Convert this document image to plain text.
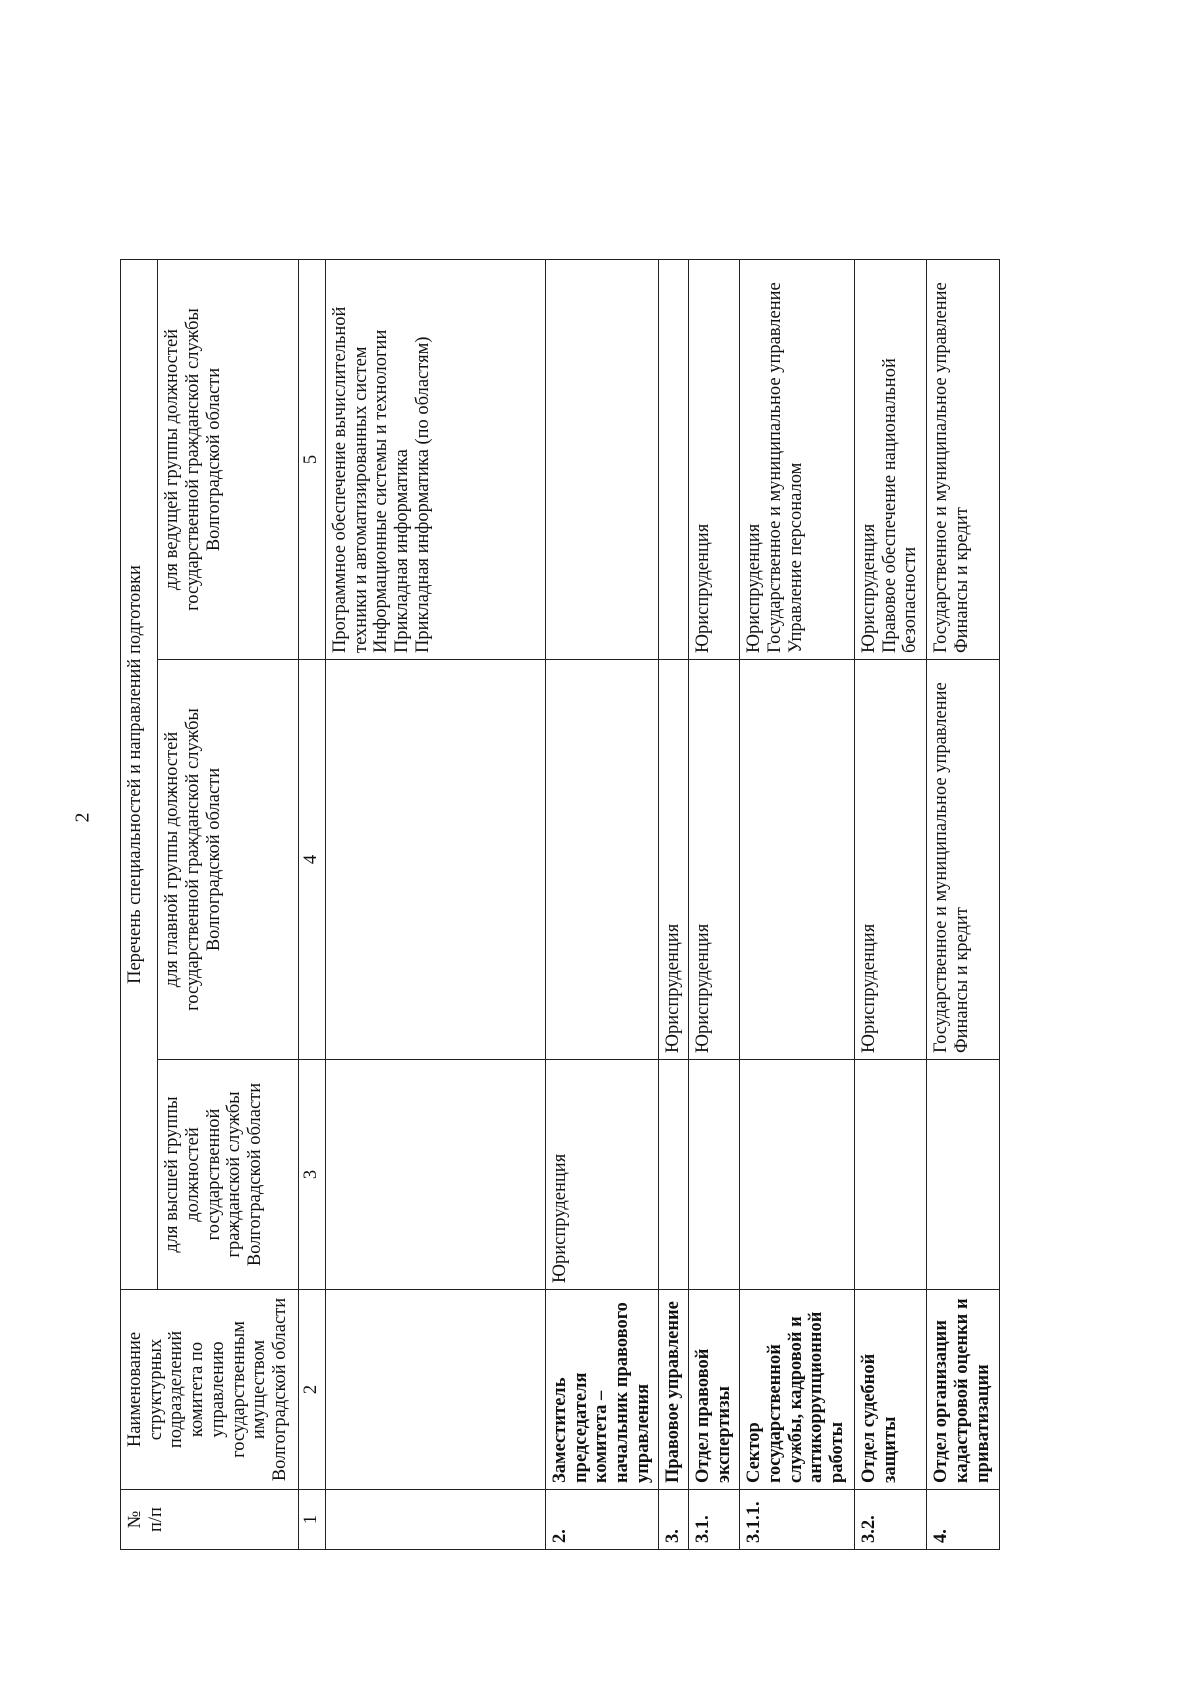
2
№
п/п	Наименование структурных подразделений комитета по управлению государственным имуществом Волгоградской области	Перечень специальностей и направлений подготовки		
		для высшей группы должностей государственной гражданской службы Волгоградской области	для главной группы должностей государственной гражданской службы Волгоградской области	для ведущей группы должностей государственной гражданской службы Волгоградской области
1	2	3	4	5
				Программное обеспечение вычислительной техники и автоматизированных систем
Информационные системы и технологии
Прикладная информатика
Прикладная информатика (по областям)
2.	Заместитель председателя комитета – начальник правового управления	Юриспруденция		
3.	Правовое управление		Юриспруденция	
3.1.	Отдел правовой экспертизы		Юриспруденция	Юриспруденция
3.1.1.	Сектор государственной службы, кадровой и антикоррупционной работы			Юриспруденция
Государственное и муниципальное управление
Управление персоналом
3.2.	Отдел судебной защиты		Юриспруденция	Юриспруденция
Правовое обеспечение национальной безопасности
4.	Отдел организации кадастровой оценки и приватизации		Государственное и муниципальное управление
Финансы и кредит	Государственное и муниципальное управление
Финансы и кредит
